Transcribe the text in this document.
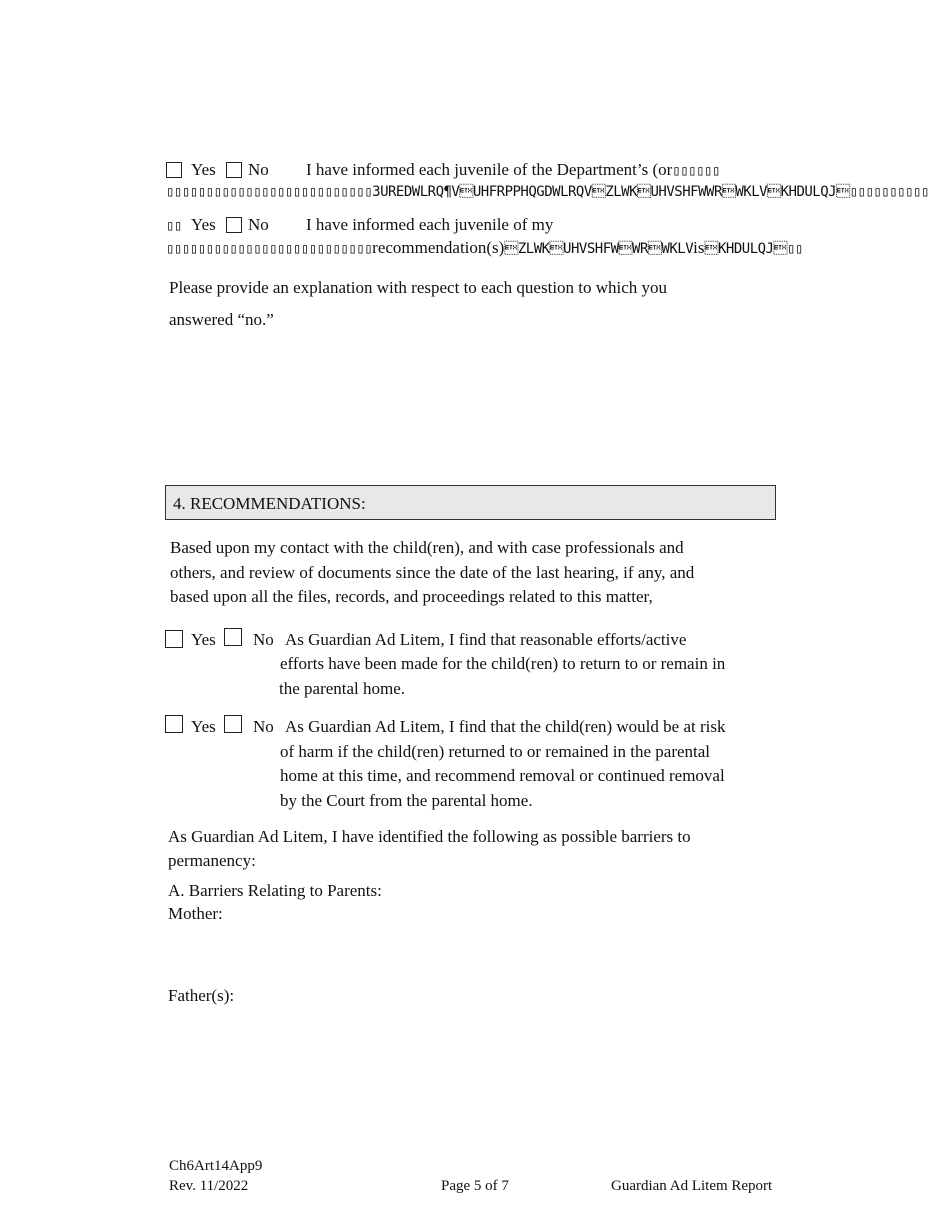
Yes No I have informed each juvenile of the Department’s (or▯▯▯▯▯▯
▯▯▯▯▯▯▯▯▯▯▯▯▯▯▯▯▯▯▯▯▯▯▯▯▯▯3UREDWLRQ¶VUHFRPPHQGDWLRQVZLWKUHVSHFWWRWKLVKHDULQJ▯▯▯▯▯▯▯▯▯▯
▯▯ Yes No I have informed each juvenile of my
▯▯▯▯▯▯▯▯▯▯▯▯▯▯▯▯▯▯▯▯▯▯▯▯▯▯recommendation(s)ZLWKUHVSHFWWRWKLVisKHDULQJ▯▯
Please provide an explanation with respect to each question to which you
answered “no.”
4. RECOMMENDATIONS:
Based upon my contact with the child(ren), and with case professionals and
others, and review of documents since the date of the last hearing, if any, and
based upon all the files, records, and proceedings related to this matter,
Yes No As Guardian Ad Litem, I find that reasonable efforts/active
efforts have been made for the child(ren) to return to or remain in
the parental home.
Yes No As Guardian Ad Litem, I find that the child(ren) would be at risk
of harm if the child(ren) returned to or remained in the parental
home at this time, and recommend removal or continued removal
by the Court from the parental home.
As Guardian Ad Litem, I have identified the following as possible barriers to
permanency:
A. Barriers Relating to Parents:
Mother:
Father(s):
Ch6Art14App9
Rev. 11/2022	Page 5 of 7	Guardian Ad Litem Report
